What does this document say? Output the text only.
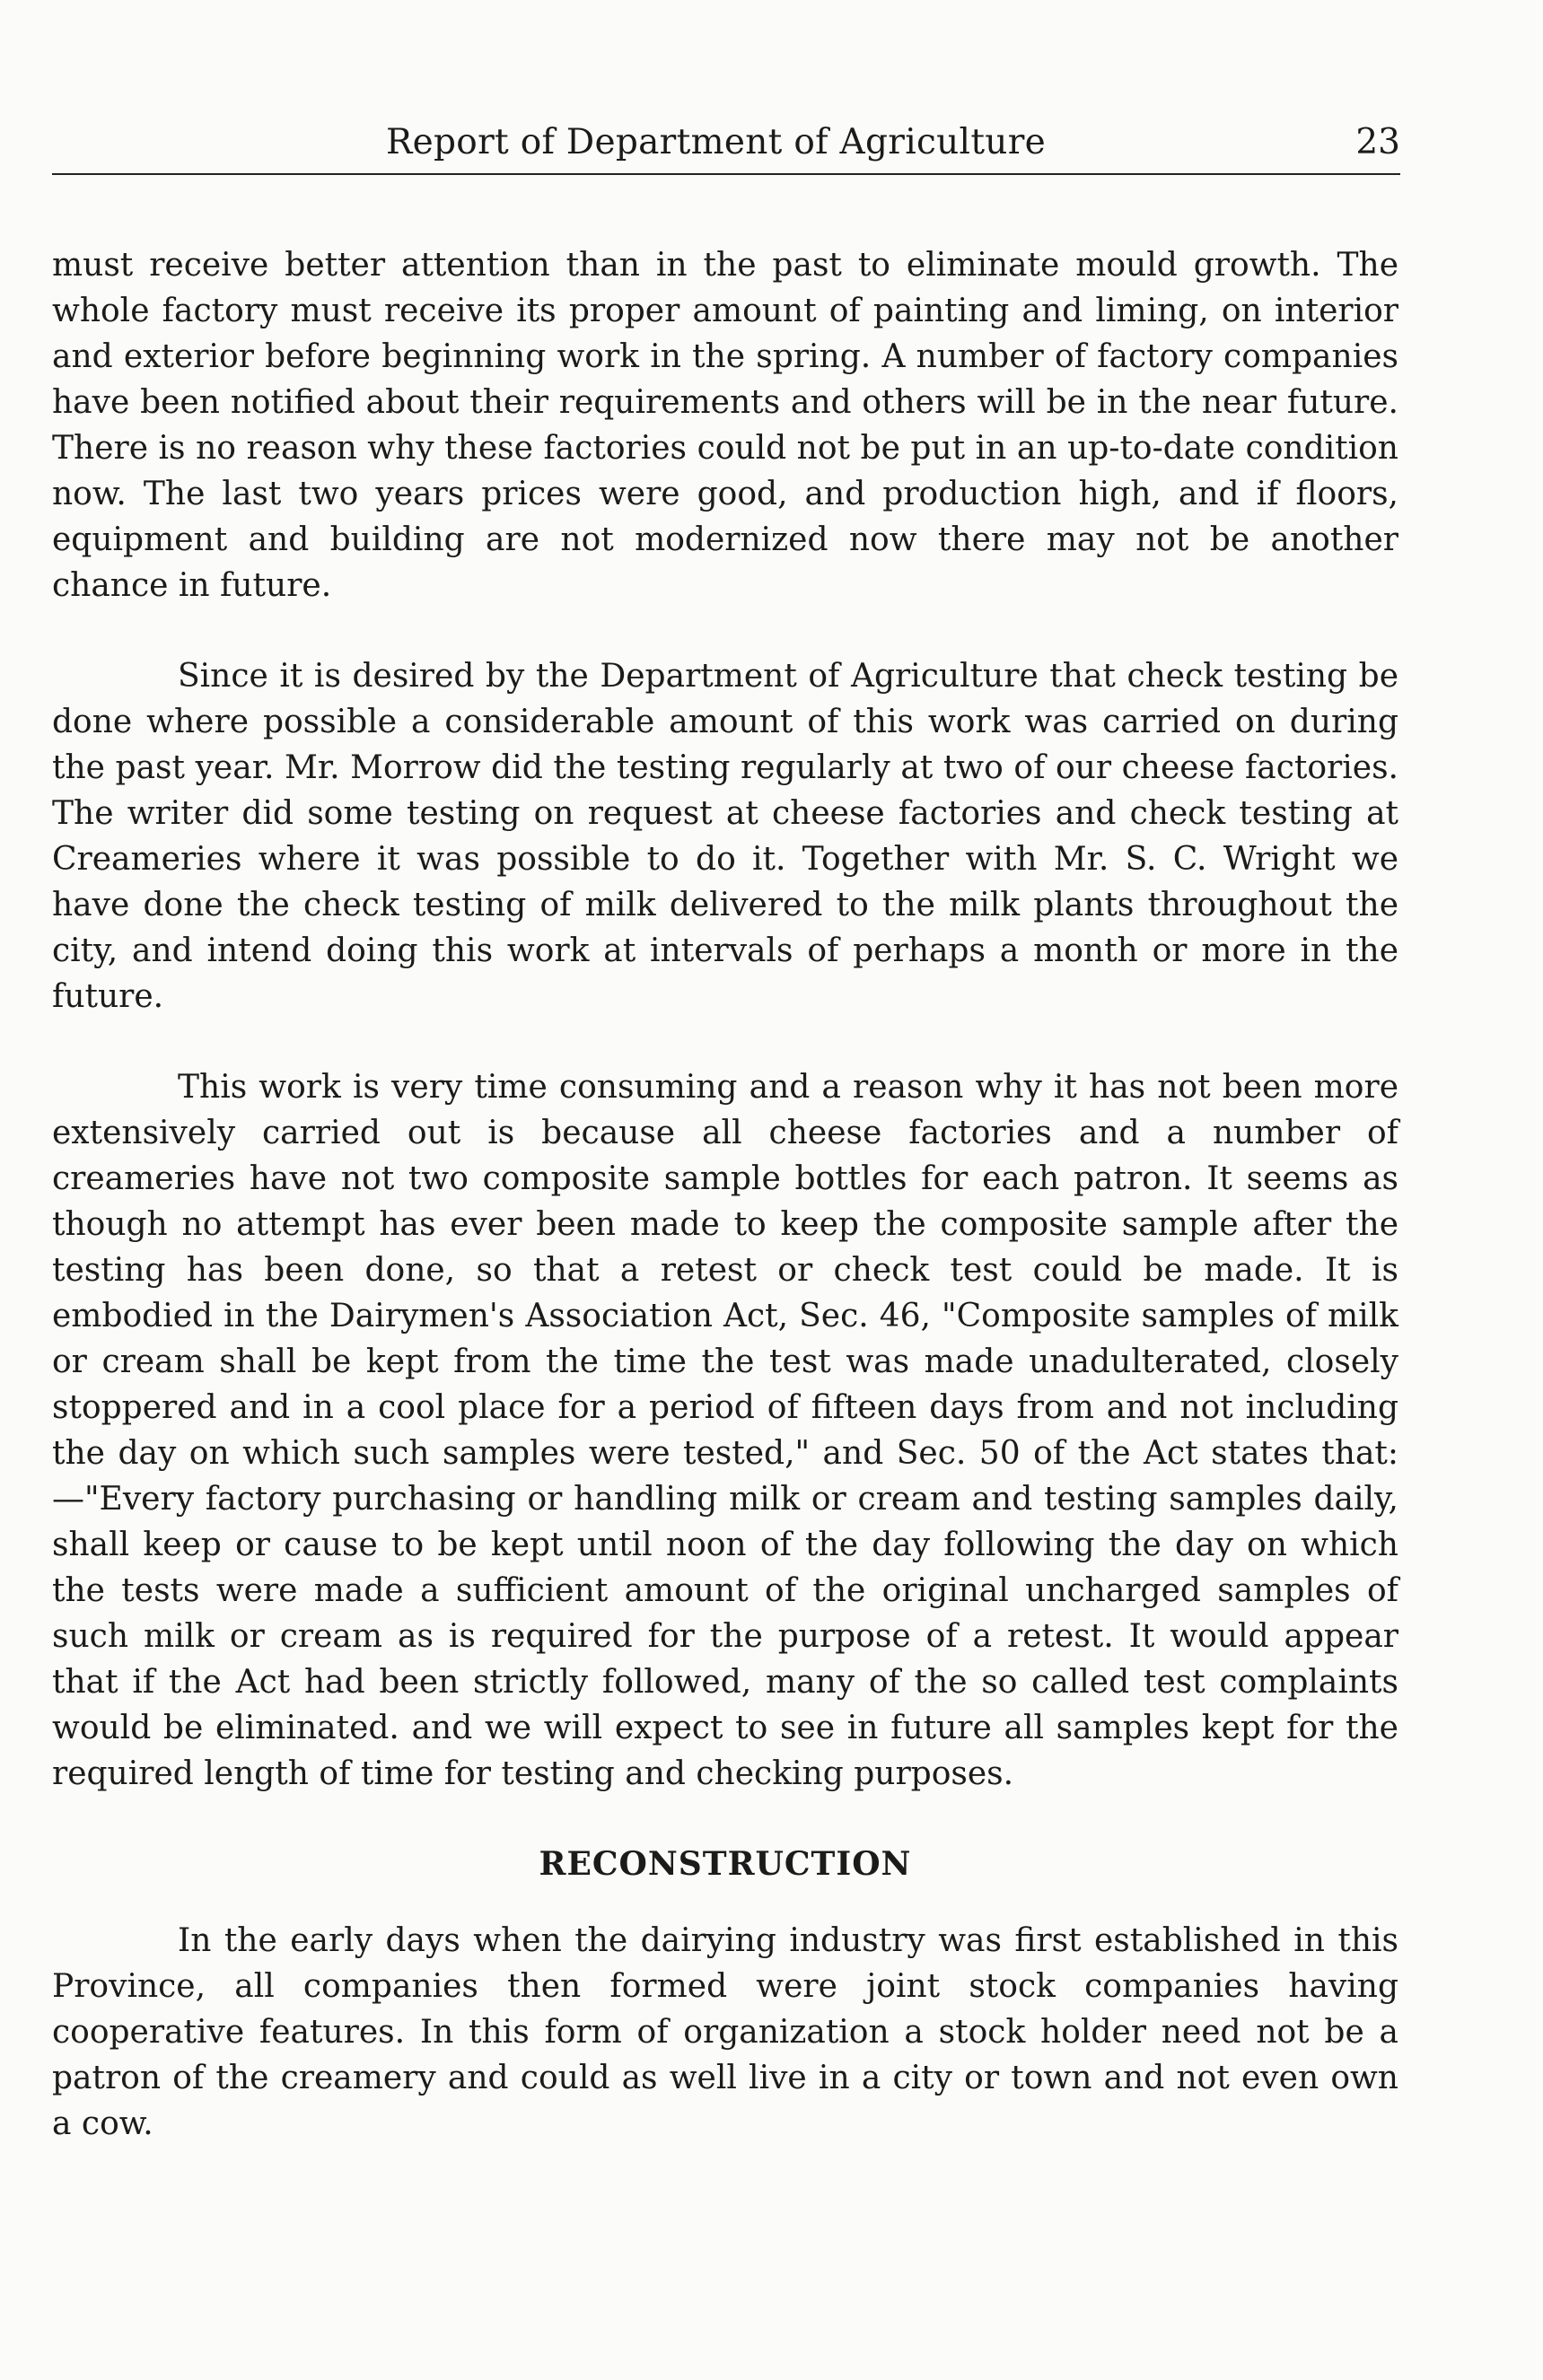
Report of Department of Agriculture	23

must receive better attention than in the past to eliminate mould growth. The whole factory must receive its proper amount of painting and liming, on interior and exterior before beginning work in the spring. A number of factory companies have been notified about their requirements and others will be in the near future. There is no reason why these factories could not be put in an up-to-date condition now. The last two years prices were good, and production high, and if floors, equipment and building are not modernized now there may not be another chance in future.

Since it is desired by the Department of Agriculture that check testing be done where possible a considerable amount of this work was carried on during the past year. Mr. Morrow did the testing regularly at two of our cheese factories. The writer did some testing on request at cheese factories and check testing at Creameries where it was possible to do it. Together with Mr. S. C. Wright we have done the check testing of milk delivered to the milk plants throughout the city, and intend doing this work at intervals of perhaps a month or more in the future.

This work is very time consuming and a reason why it has not been more extensively carried out is because all cheese factories and a number of creameries have not two composite sample bottles for each patron. It seems as though no attempt has ever been made to keep the composite sample after the testing has been done, so that a retest or check test could be made. It is embodied in the Dairymen's Association Act, Sec. 46, "Composite samples of milk or cream shall be kept from the time the test was made unadulterated, closely stoppered and in a cool place for a period of fifteen days from and not including the day on which such samples were tested," and Sec. 50 of the Act states that:—"Every factory purchasing or handling milk or cream and testing samples daily, shall keep or cause to be kept until noon of the day following the day on which the tests were made a sufficient amount of the original uncharged samples of such milk or cream as is required for the purpose of a retest. It would appear that if the Act had been strictly followed, many of the so called test complaints would be eliminated. and we will expect to see in future all samples kept for the required length of time for testing and checking purposes.

RECONSTRUCTION

In the early days when the dairying industry was first established in this Province, all companies then formed were joint stock companies having cooperative features. In this form of organization a stock holder need not be a patron of the creamery and could as well live in a city or town and not even own a cow.
